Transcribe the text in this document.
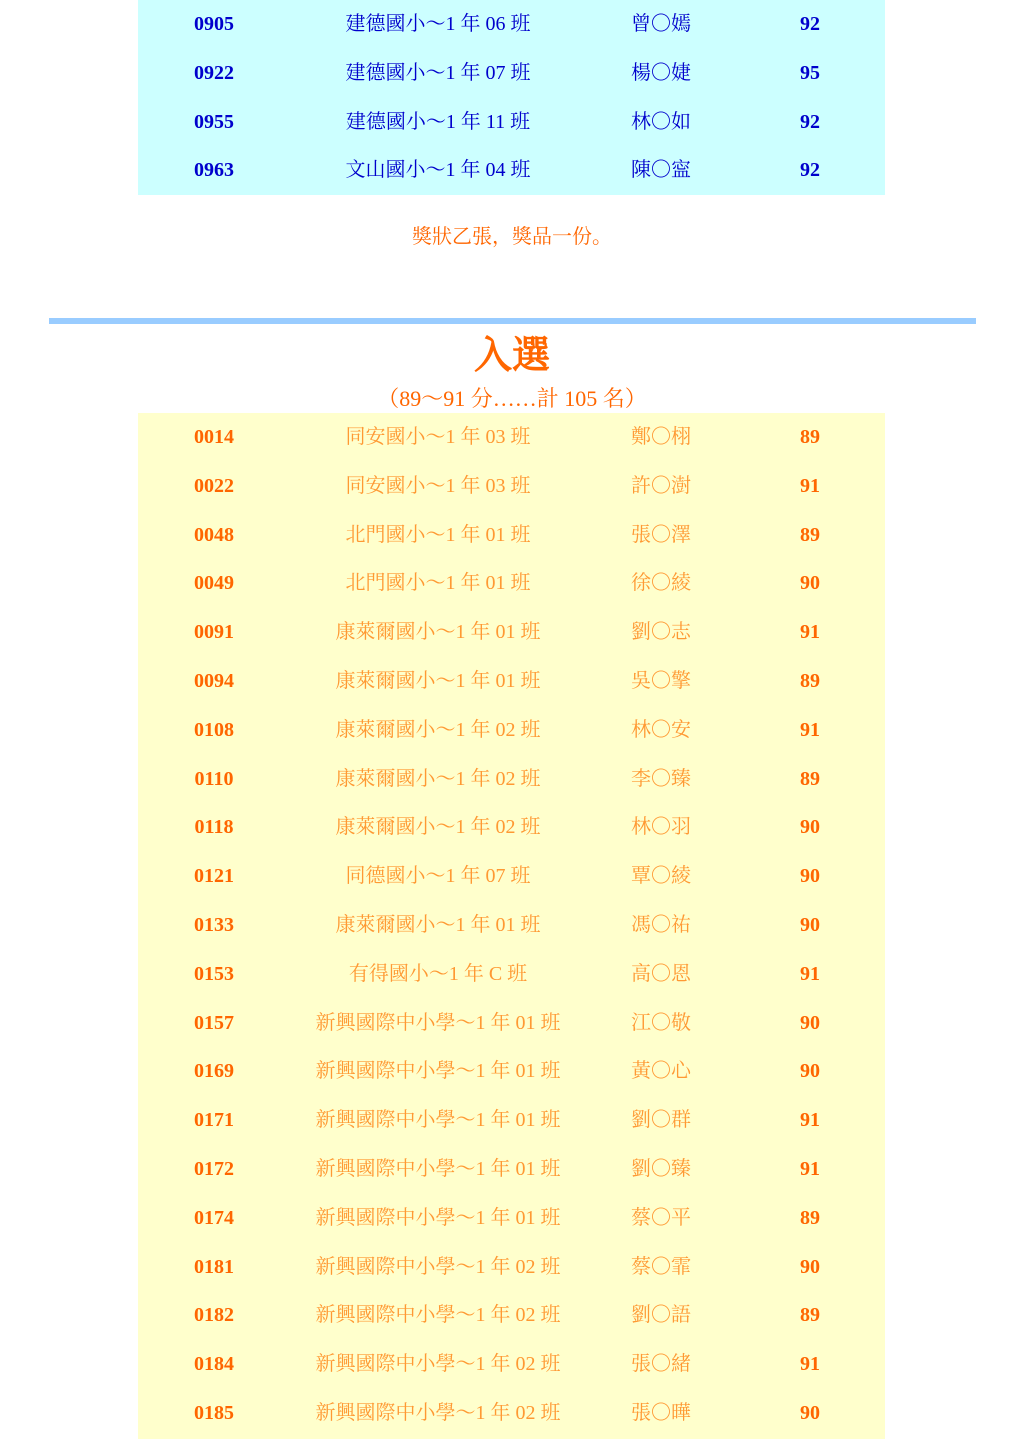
0905	建德國小～1 年 06 班	曾〇嫣	92
0922	建德國小～1 年 07 班	楊〇婕	95
0955	建德國小～1 年 11 班	林〇如	92
0963	文山國小～1 年 04 班	陳〇寍	92
獎狀乙張，獎品一份。
入選
（89～91 分……計 105 名）
0014	同安國小～1 年 03 班	鄭〇栩	89
0022	同安國小～1 年 03 班	許〇澍	91
0048	北門國小～1 年 01 班	張〇澤	89
0049	北門國小～1 年 01 班	徐〇綾	90
0091	康萊爾國小～1 年 01 班	劉〇志	91
0094	康萊爾國小～1 年 01 班	吳〇擎	89
0108	康萊爾國小～1 年 02 班	林〇安	91
0110	康萊爾國小～1 年 02 班	李〇臻	89
0118	康萊爾國小～1 年 02 班	林〇羽	90
0121	同德國小～1 年 07 班	覃〇綾	90
0133	康萊爾國小～1 年 01 班	馮〇祐	90
0153	有得國小～1 年 C 班	高〇恩	91
0157	新興國際中小學～1 年 01 班	江〇敬	90
0169	新興國際中小學～1 年 01 班	黃〇心	90
0171	新興國際中小學～1 年 01 班	劉〇群	91
0172	新興國際中小學～1 年 01 班	劉〇臻	91
0174	新興國際中小學～1 年 01 班	蔡〇平	89
0181	新興國際中小學～1 年 02 班	蔡〇霏	90
0182	新興國際中小學～1 年 02 班	劉〇語	89
0184	新興國際中小學～1 年 02 班	張〇緒	91
0185	新興國際中小學～1 年 02 班	張〇曄	90
